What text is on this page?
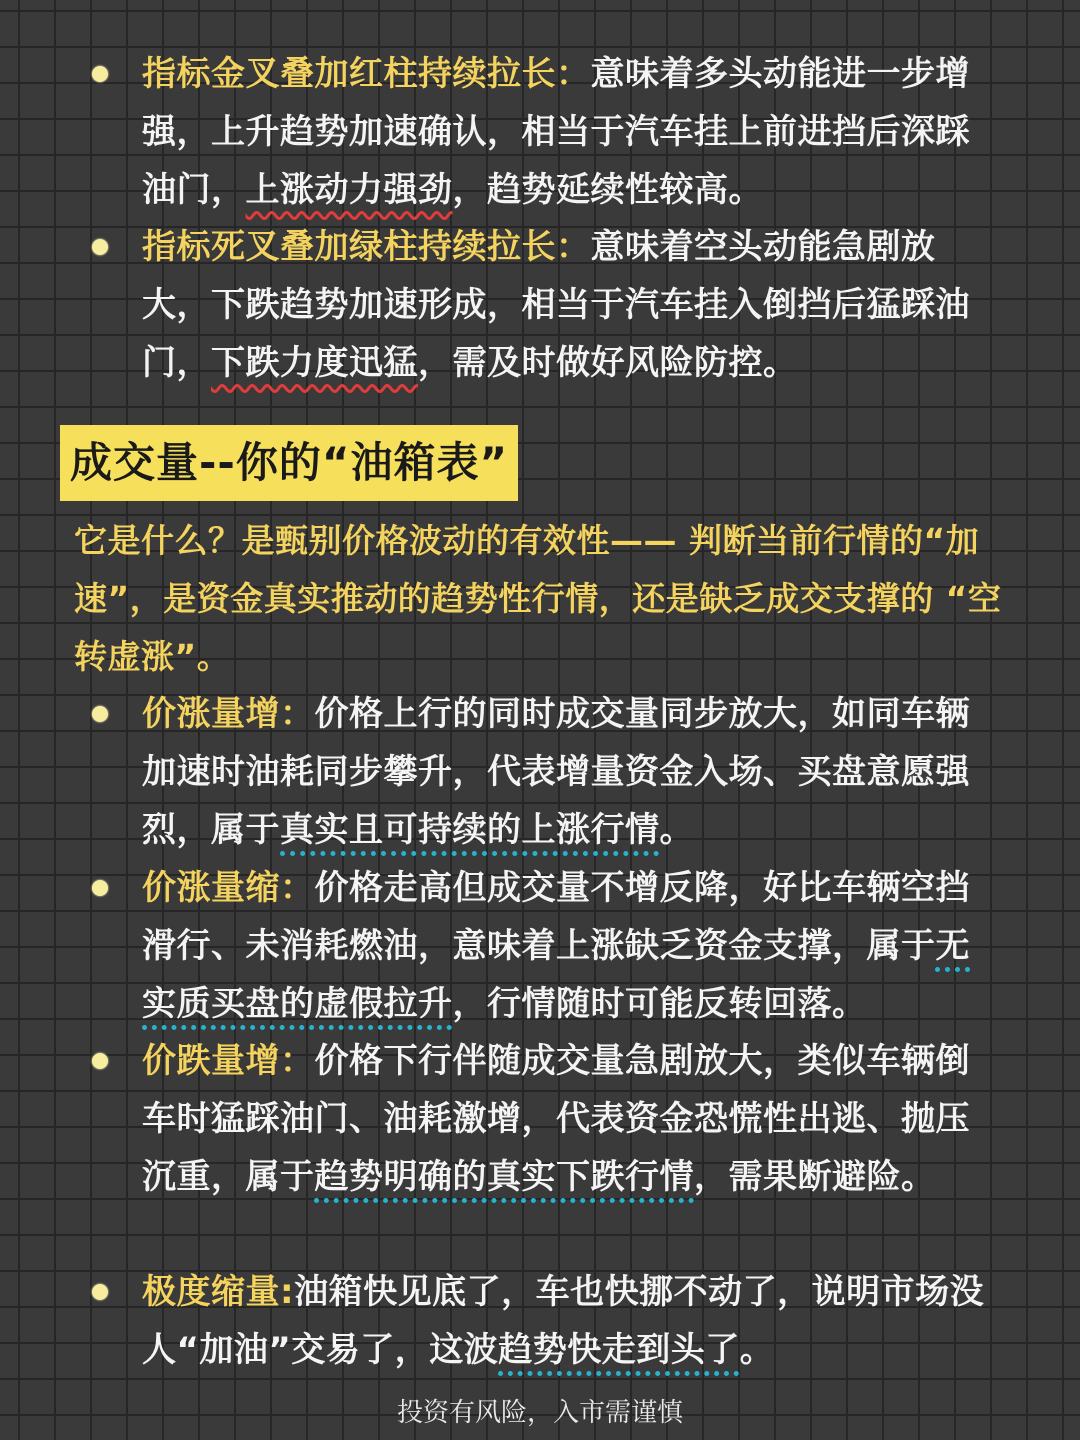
指标金叉叠加红柱持续拉长：意味着多头动能进一步增强，上升趋势加速确认，相当于汽车挂上前进挡后深踩油门，上涨动力强劲，趋势延续性较高。
指标死叉叠加绿柱持续拉长：意味着空头动能急剧放大，下跌趋势加速形成，相当于汽车挂入倒挡后猛踩油门，下跌力度迅猛，需及时做好风险防控。
成交量--你的“油箱表”
它是什么？是甄别价格波动的有效性—— 判断当前行情的“加速”，是资金真实推动的趋势性行情，还是缺乏成交支撑的 “空转虚涨”。
价涨量增：价格上行的同时成交量同步放大，如同车辆加速时油耗同步攀升，代表增量资金入场、买盘意愿强烈，属于真实且可持续的上涨行情。
价涨量缩：价格走高但成交量不增反降，好比车辆空挡滑行、未消耗燃油，意味着上涨缺乏资金支撑，属于无实质买盘的虚假拉升，行情随时可能反转回落。
价跌量增：价格下行伴随成交量急剧放大，类似车辆倒车时猛踩油门、油耗激增，代表资金恐慌性出逃、抛压沉重，属于趋势明确的真实下跌行情，需果断避险。
极度缩量:油箱快见底了，车也快挪不动了，说明市场没人“加油”交易了，这波趋势快走到头了。
投资有风险，入市需谨慎
